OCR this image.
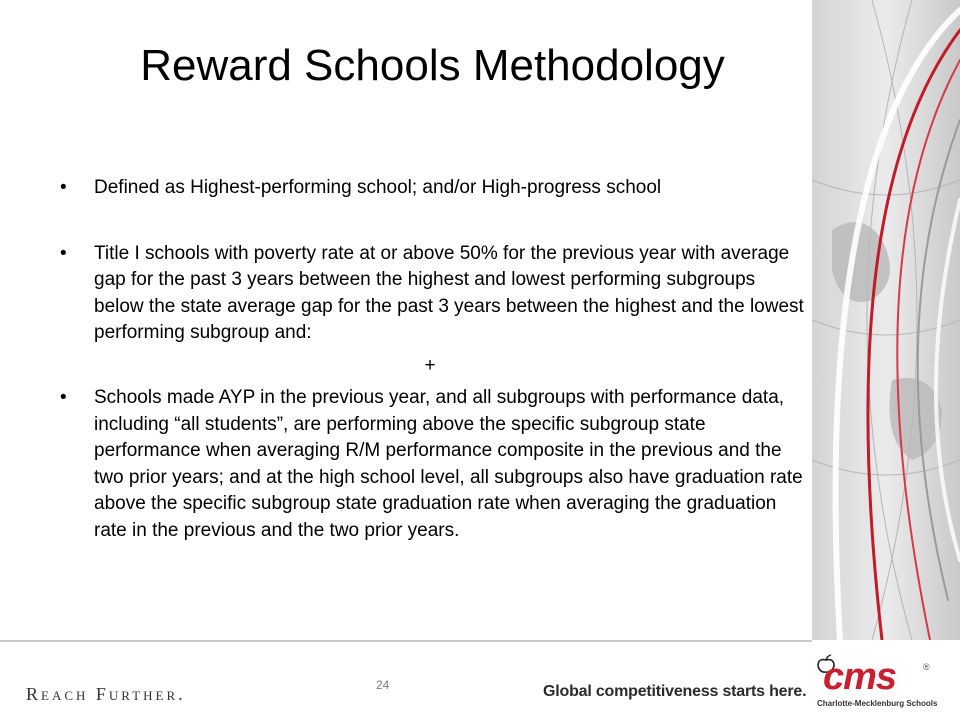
Reward Schools Methodology

• Defined as Highest-performing school; and/or High-progress school

• Title I schools with poverty rate at or above 50% for the previous year with average gap for the past 3 years between the highest and lowest performing subgroups below the state average gap for the past 3 years between the highest and the lowest performing subgroup and:

+

• Schools made AYP in the previous year, and all subgroups with performance data, including “all students”, are performing above the specific subgroup state performance when averaging R/M performance composite in the previous and the two prior years; and at the high school level, all subgroups also have graduation rate above the specific subgroup state graduation rate when averaging the graduation rate in the previous and the two prior years.

Reach Further.	24	Global competitiveness starts here. cms	®
Charlotte-Mecklenburg Schools
